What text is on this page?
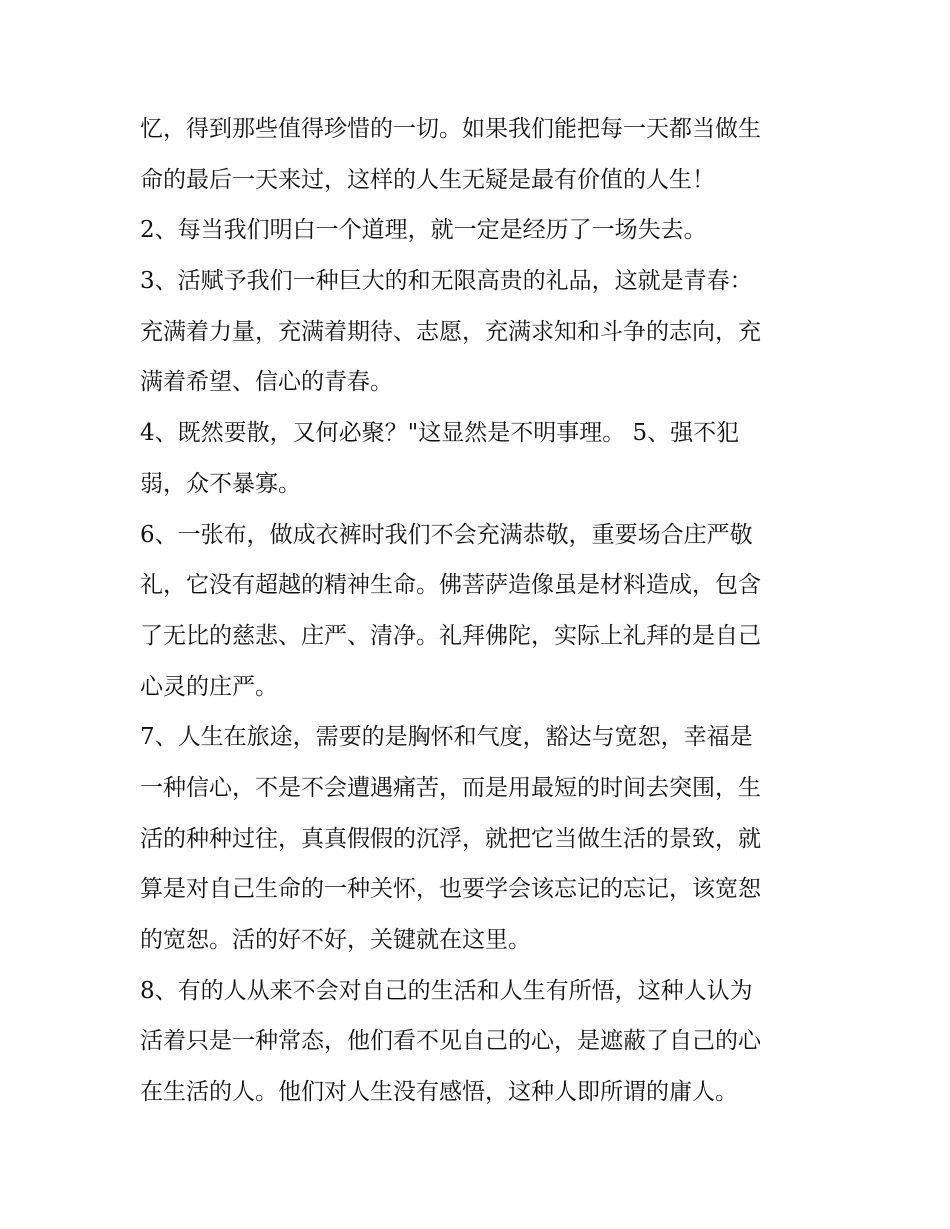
忆，得到那些值得珍惜的一切。如果我们能把每一天都当做生
命的最后一天来过，这样的人生无疑是最有价值的人生！
2、每当我们明白一个道理，就一定是经历了一场失去。
3、活赋予我们一种巨大的和无限高贵的礼品，这就是青春：
充满着力量，充满着期待、志愿，充满求知和斗争的志向，充
满着希望、信心的青春。
4、既然要散，又何必聚？"这显然是不明事理。 5、强不犯
弱，众不暴寡。
6、一张布，做成衣裤时我们不会充满恭敬，重要场合庄严敬
礼，它没有超越的精神生命。佛菩萨造像虽是材料造成，包含
了无比的慈悲、庄严、清净。礼拜佛陀，实际上礼拜的是自己
心灵的庄严。
7、人生在旅途，需要的是胸怀和气度，豁达与宽恕，幸福是
一种信心，不是不会遭遇痛苦，而是用最短的时间去突围，生
活的种种过往，真真假假的沉浮，就把它当做生活的景致，就
算是对自己生命的一种关怀，也要学会该忘记的忘记，该宽恕
的宽恕。活的好不好，关键就在这里。
8、有的人从来不会对自己的生活和人生有所悟，这种人认为
活着只是一种常态，他们看不见自己的心，是遮蔽了自己的心
在生活的人。他们对人生没有感悟，这种人即所谓的庸人。
